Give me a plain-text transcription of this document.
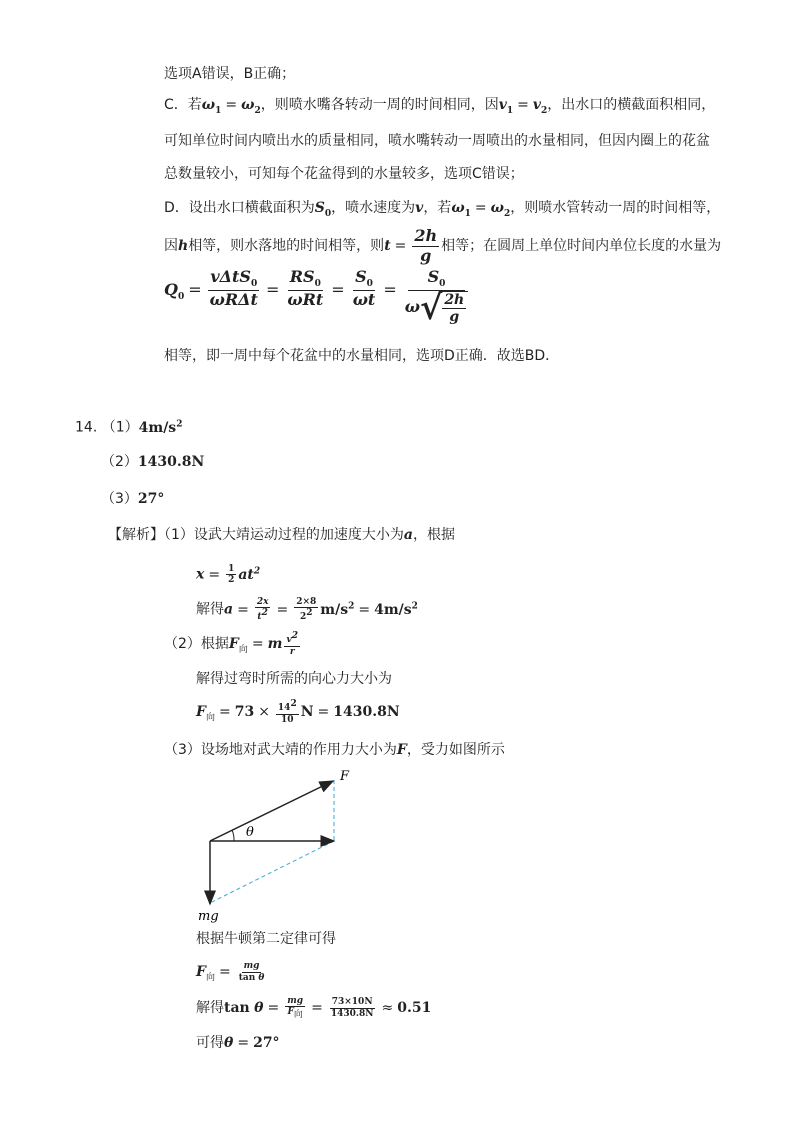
选项A错误，B正确；
C．若$\omega_1 = \omega_2$，则喷水嘴各转动一周的时间相同，因$v_1 = v_2$，出水口的横截面积相同，
可知单位时间内喷出水的质量相同，喷水嘴转动一周喷出的水量相同，但因内圈上的花盆
总数量较小，可知每个花盆得到的水量较多，选项C错误；
D．设出水口横截面积为$S_0$，喷水速度为v，若$\omega_1 = \omega_2$，则喷水管转动一周的时间相等，
因h相等，则水落地的时间相等，则$t = \frac{2h}{g}$ 相等；在圆周上单位时间内单位长度的水量为
$Q_0 = \frac{v\Delta tS_0}{\text{ωRΔt}} = \frac{RS_0}{\text{ωRt}} = \frac{S_0}{\omega t} = \frac{S_0}{\omega √ \frac{2h}{g}}$
相等，即一周中每个花盆中的水量相同，选项D正确．故选BD．
14. $(1)4m/s^2$
（2）1430.8N
（3）27°
【解析】（1）设武大靖运动过程的加速度大小为a，根据
$x = \frac{1}{2} at^2$
解得$a = \frac{2x}{t^2} = \frac{2\times 8}{2^2} m/s^2 = 4m/s^2$
（2）根据$F_向 = m \frac{v^2}{r}$
解得过弯时所需的向心力大小为
$F_向 = 73 \times \frac{14^2}{10}$ N = 1430.8N
（3）设场地对武大靖的作用力大小为F，受力如图所示
F
θ
mg
根据牛顿第二定律可得
$F_向 = \frac{mg}{\text{tan θ}}$
解得$\tan \theta = \frac{mg}{F_向} = \frac{73\times 10N}{1430.8N} \approx 0.51$
可得θ = 27°
